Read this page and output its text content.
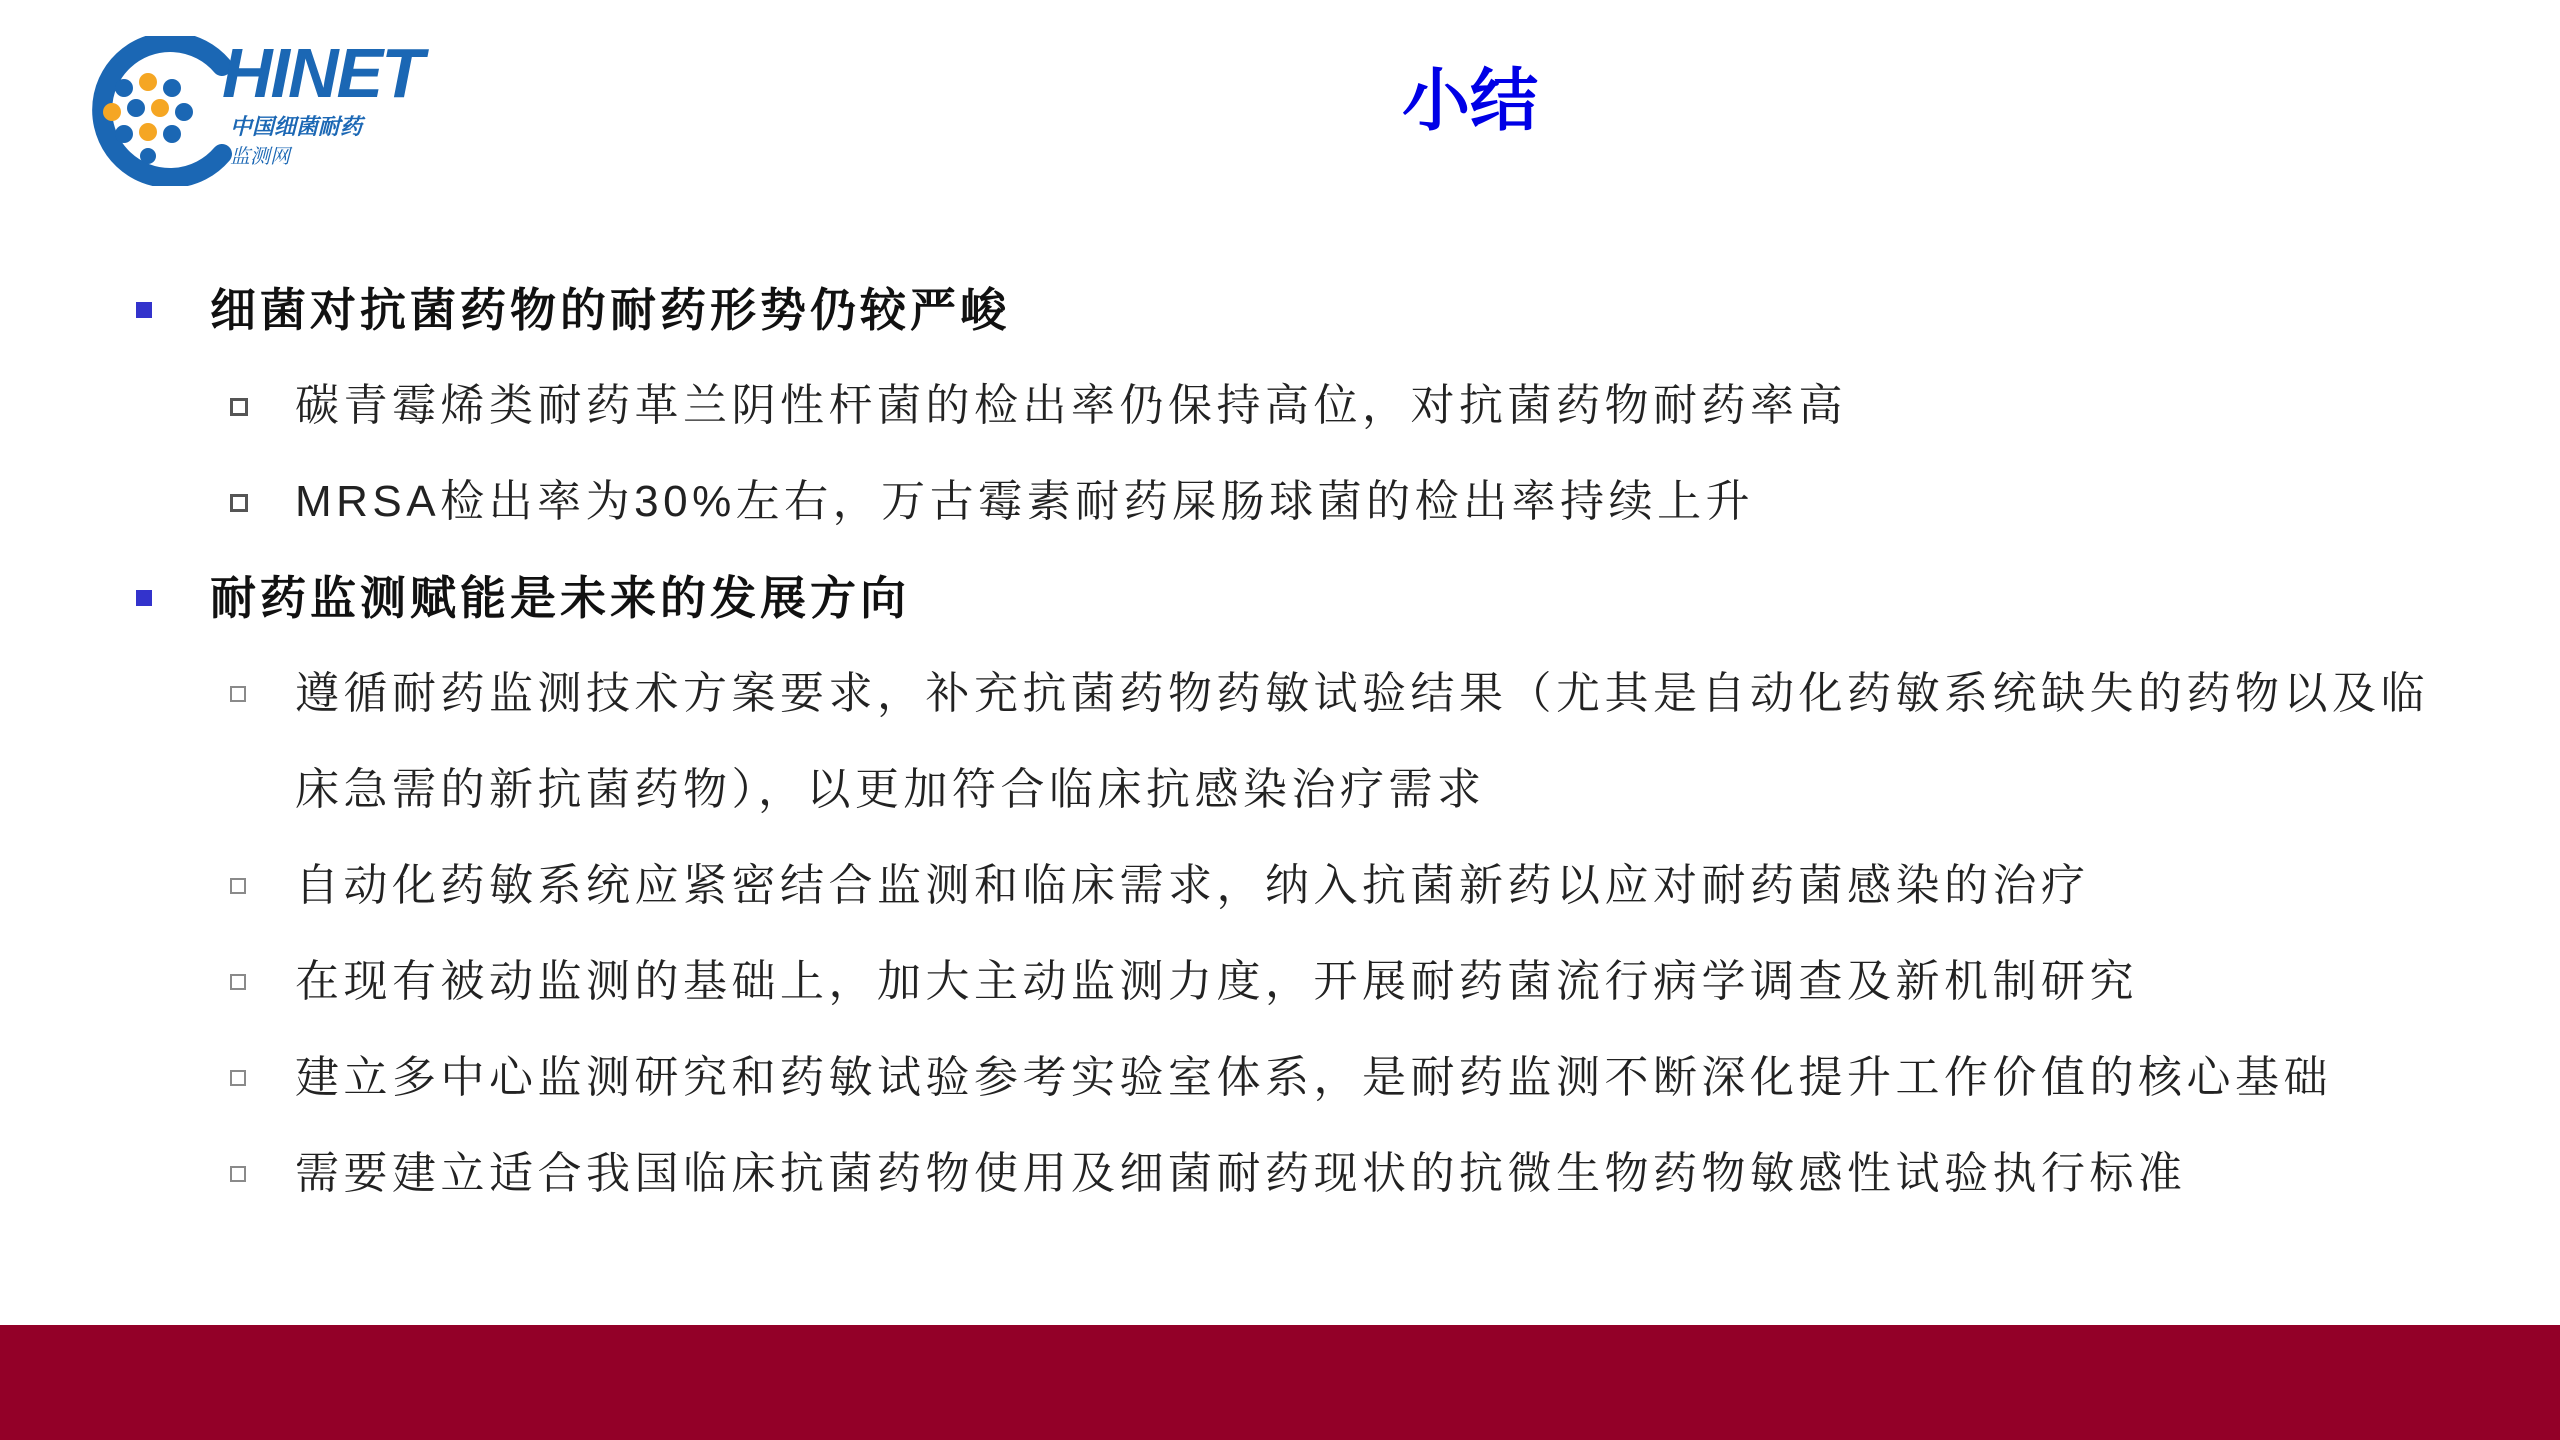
HINET
中国细菌耐药
监测网
小结
细菌对抗菌药物的耐药形势仍较严峻
碳青霉烯类耐药革兰阴性杆菌的检出率仍保持高位，对抗菌药物耐药率高
MRSA检出率为30%左右，万古霉素耐药屎肠球菌的检出率持续上升
耐药监测赋能是未来的发展方向
遵循耐药监测技术方案要求，补充抗菌药物药敏试验结果（尤其是自动化药敏系统缺失的药物以及临床急需的新抗菌药物），以更加符合临床抗感染治疗需求
自动化药敏系统应紧密结合监测和临床需求，纳入抗菌新药以应对耐药菌感染的治疗
在现有被动监测的基础上，加大主动监测力度，开展耐药菌流行病学调查及新机制研究
建立多中心监测研究和药敏试验参考实验室体系，是耐药监测不断深化提升工作价值的核心基础
需要建立适合我国临床抗菌药物使用及细菌耐药现状的抗微生物药物敏感性试验执行标准
